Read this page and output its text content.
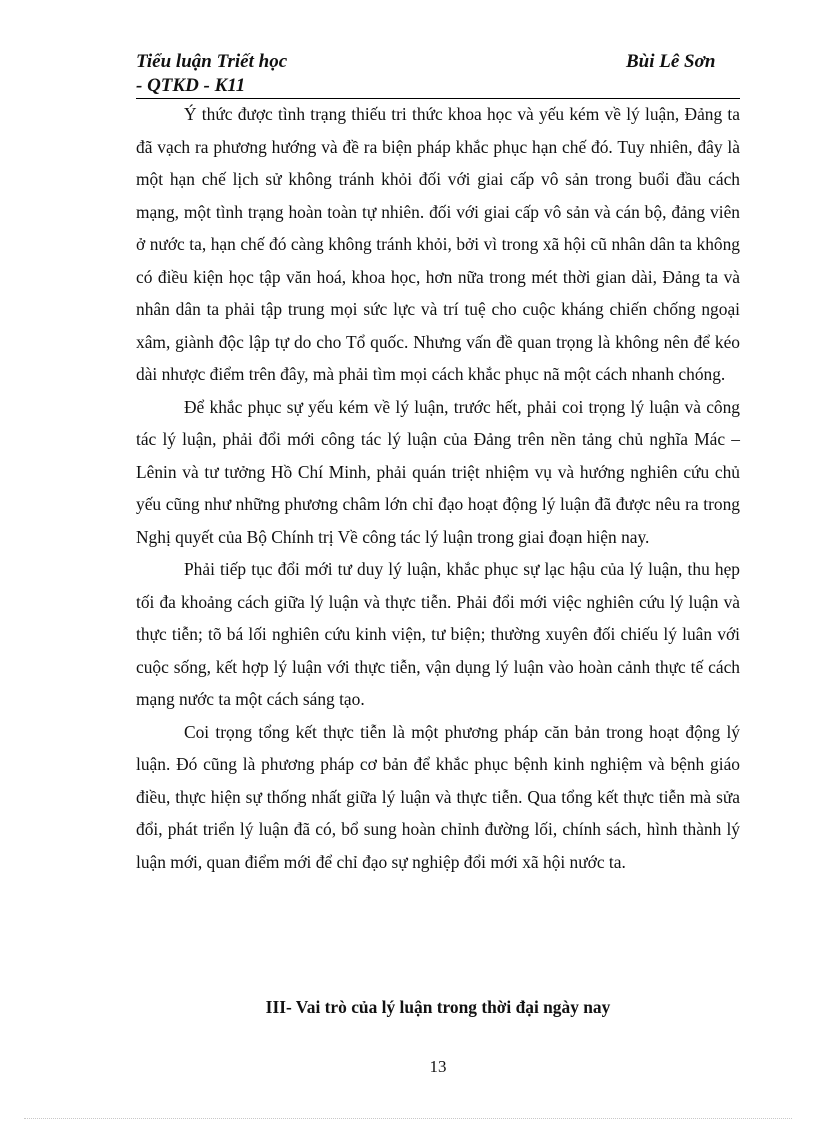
Tiểu luận Triết học
- QTKD - K11
Bùi Lê Sơn

Ý thức được tình trạng thiếu tri thức khoa học và yếu kém về lý luận, Đảng ta đã vạch ra phương hướng và đề ra biện pháp khắc phục hạn chế đó. Tuy nhiên, đây là một hạn chế lịch sử không tránh khỏi đối với giai cấp vô sản trong buổi đầu cách mạng, một tình trạng hoàn toàn tự nhiên. đối với giai cấp vô sản và cán bộ, đảng viên ở nước ta, hạn chế đó càng không tránh khỏi, bởi vì trong xã hội cũ nhân dân ta không có điều kiện học tập văn hoá, khoa học, hơn nữa trong mét thời gian dài, Đảng ta và nhân dân ta phải tập trung mọi sức lực và trí tuệ cho cuộc kháng chiến chống ngoại xâm, giành độc lập tự do cho Tổ quốc. Nhưng vấn đề quan trọng là không nên để kéo dài nhược điểm trên đây, mà phải tìm mọi cách khắc phục nã một cách nhanh chóng.

Để khắc phục sự yếu kém về lý luận, trước hết, phải coi trọng lý luận và công tác lý luận, phải đổi mới công tác lý luận của Đảng trên nền tảng chủ nghĩa Mác – Lênin và tư tưởng Hồ Chí Minh, phải quán triệt nhiệm vụ và hướng nghiên cứu chủ yếu cũng như những phương châm lớn chỉ đạo hoạt động lý luận đã được nêu ra trong Nghị quyết của Bộ Chính trị Về công tác lý luận trong giai đoạn hiện nay.

Phải tiếp tục đổi mới tư duy lý luận, khắc phục sự lạc hậu của lý luận, thu hẹp tối đa khoảng cách giữa lý luận và thực tiễn. Phải đổi mới việc nghiên cứu lý luận và thực tiễn; tõ bá lối nghiên cứu kinh viện, tư biện; thường xuyên đối chiếu lý luân với cuộc sống, kết hợp lý luận với thực tiễn, vận dụng lý luận vào hoàn cảnh thực tế cách mạng nước ta một cách sáng tạo.

Coi trọng tổng kết thực tiễn là một phương pháp căn bản trong hoạt động lý luận. Đó cũng là phương pháp cơ bản để khắc phục bệnh kinh nghiệm và bệnh giáo điều, thực hiện sự thống nhất giữa lý luận và thực tiễn. Qua tổng kết thực tiễn mà sửa đổi, phát triển lý luận đã có, bổ sung hoàn chỉnh đường lối, chính sách, hình thành lý luận mới, quan điểm mới để chỉ đạo sự nghiệp đổi mới xã hội nước ta.

III- Vai trò của lý luận trong thời đại ngày nay
13
